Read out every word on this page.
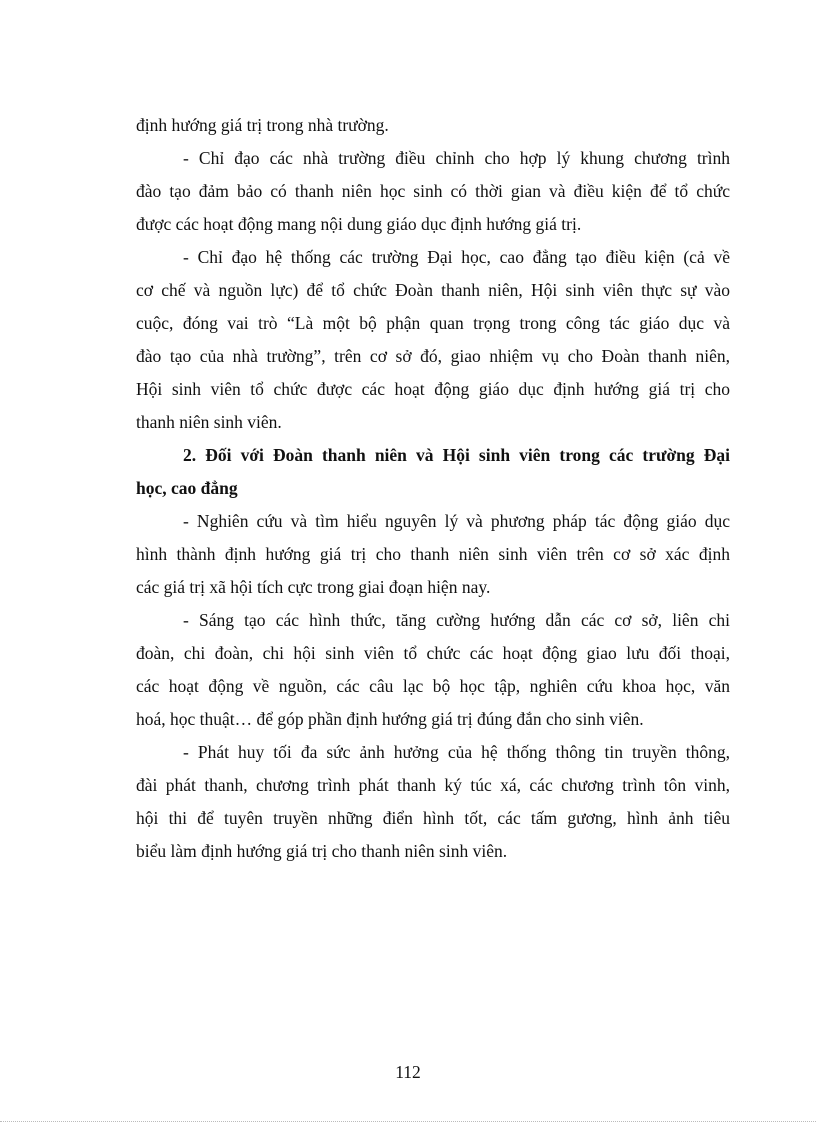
định hướng giá trị trong nhà trường.
- Chỉ đạo các nhà trường điều chỉnh cho hợp lý khung chương trình
đào tạo đảm bảo có thanh niên học sinh có thời gian và điều kiện để tổ chức
được các hoạt động mang nội dung giáo dục định hướng giá trị.
- Chỉ đạo hệ thống các trường Đại học, cao đẳng tạo điều kiện (cả về
cơ chế và nguồn lực) để tổ chức Đoàn thanh niên, Hội sinh viên thực sự vào
cuộc, đóng vai trò “Là một bộ phận quan trọng trong công tác giáo dục và
đào tạo của nhà trường”, trên cơ sở đó, giao nhiệm vụ cho Đoàn thanh niên,
Hội sinh viên tổ chức được các hoạt động giáo dục định hướng giá trị cho
thanh niên sinh viên.
2. Đối với Đoàn thanh niên và Hội sinh viên trong các trường Đại
học, cao đẳng
- Nghiên cứu và tìm hiểu nguyên lý và phương pháp tác động giáo dục
hình thành định hướng giá trị cho thanh niên sinh viên trên cơ sở xác định
các giá trị xã hội tích cực trong giai đoạn hiện nay.
- Sáng tạo các hình thức, tăng cường hướng dẫn các cơ sở, liên chi
đoàn, chi đoàn, chi hội sinh viên tổ chức các hoạt động giao lưu đối thoại,
các hoạt động về nguồn, các câu lạc bộ học tập, nghiên cứu khoa học, văn
hoá, học thuật… để góp phần định hướng giá trị đúng đắn cho sinh viên.
- Phát huy tối đa sức ảnh hưởng của hệ thống thông tin truyền thông,
đài phát thanh, chương trình phát thanh ký túc xá, các chương trình tôn vinh,
hội thi để tuyên truyền những điển hình tốt, các tấm gương, hình ảnh tiêu
biểu làm định hướng giá trị cho thanh niên sinh viên.
112
